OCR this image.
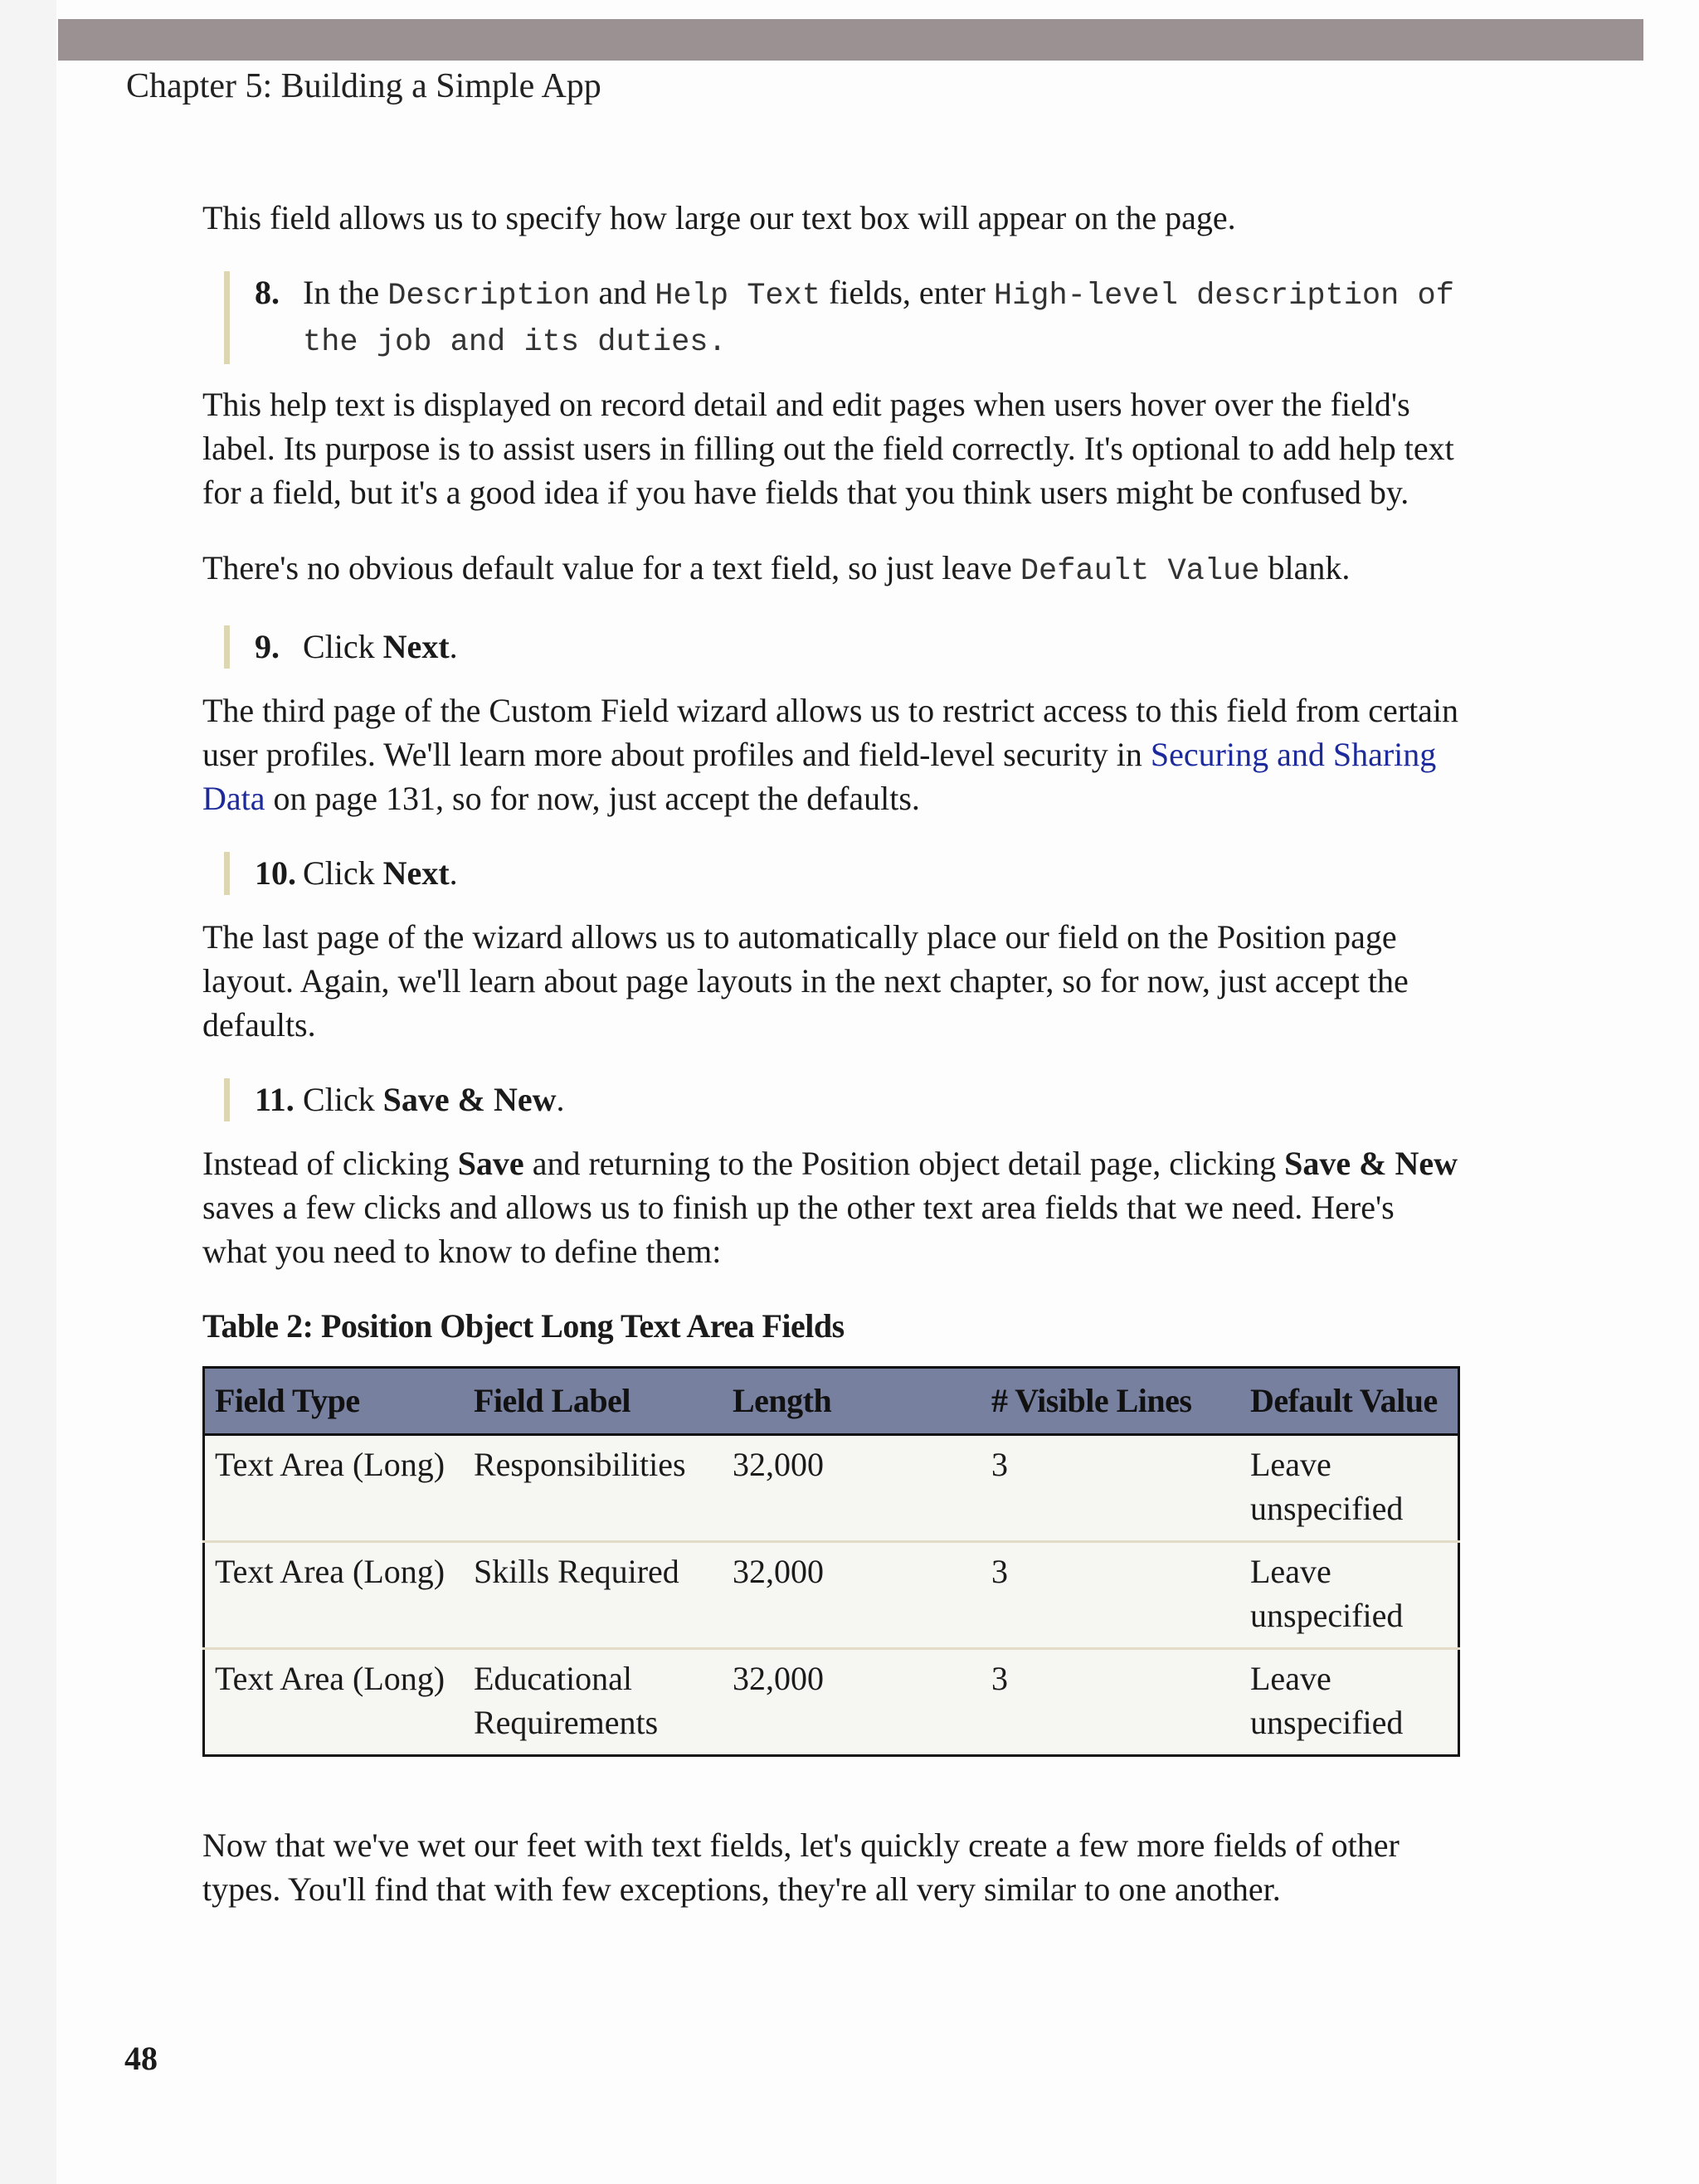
Chapter 5: Building a Simple App

This field allows us to specify how large our text box will appear on the page.

8. In the Description and Help Text fields, enter High-level description of the job and its duties.

This help text is displayed on record detail and edit pages when users hover over the field's label. Its purpose is to assist users in filling out the field correctly. It's optional to add help text for a field, but it's a good idea if you have fields that you think users might be confused by.

There's no obvious default value for a text field, so just leave Default Value blank.

9. Click Next.

The third page of the Custom Field wizard allows us to restrict access to this field from certain user profiles. We'll learn more about profiles and field-level security in Securing and Sharing Data on page 131, so for now, just accept the defaults.

10. Click Next.

The last page of the wizard allows us to automatically place our field on the Position page layout. Again, we'll learn about page layouts in the next chapter, so for now, just accept the defaults.

11. Click Save & New.

Instead of clicking Save and returning to the Position object detail page, clicking Save & New saves a few clicks and allows us to finish up the other text area fields that we need. Here's what you need to know to define them:

Table 2: Position Object Long Text Area Fields

Field Type	Field Label	Length	# Visible Lines	Default Value
Text Area (Long)	Responsibilities	32,000	3	Leave unspecified
Text Area (Long)	Skills Required	32,000	3	Leave unspecified
Text Area (Long)	Educational Requirements	32,000	3	Leave unspecified

Now that we've wet our feet with text fields, let's quickly create a few more fields of other types. You'll find that with few exceptions, they're all very similar to one another.

48
